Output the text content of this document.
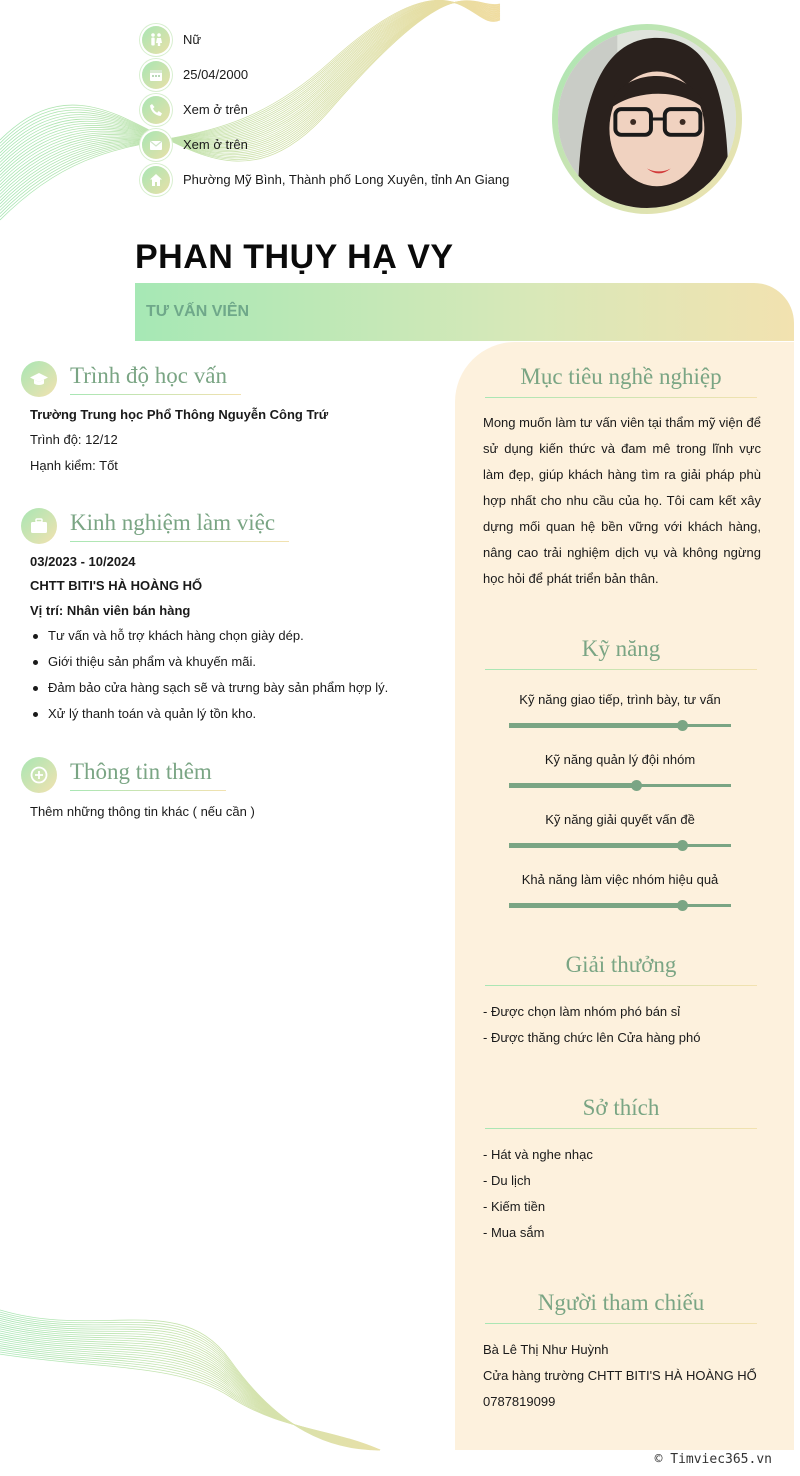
Nữ
25/04/2000
Xem ở trên
Xem ở trên
Phường Mỹ Bình, Thành phố Long Xuyên, tỉnh An Giang
PHAN THỤY HẠ VY
TƯ VẤN VIÊN
Trình độ học vấn
Trường Trung học Phổ Thông Nguyễn Công Trứ
Trình độ: 12/12
Hạnh kiểm: Tốt
Kinh nghiệm làm việc
03/2023 - 10/2024
CHTT BITI'S HÀ HOÀNG HỔ
Vị trí: Nhân viên bán hàng
Tư vấn và hỗ trợ khách hàng chọn giày dép.
Giới thiệu sản phẩm và khuyến mãi.
Đảm bảo cửa hàng sạch sẽ và trưng bày sản phẩm hợp lý.
Xử lý thanh toán và quản lý tồn kho.
Thông tin thêm
Thêm những thông tin khác ( nếu cần )
Mục tiêu nghề nghiệp
Mong muốn làm tư vấn viên tại thẩm mỹ viện để sử dụng kiến thức và đam mê trong lĩnh vực làm đẹp, giúp khách hàng tìm ra giải pháp phù hợp nhất cho nhu cầu của họ. Tôi cam kết xây dựng mối quan hệ bền vững với khách hàng, nâng cao trải nghiệm dịch vụ và không ngừng học hỏi để phát triển bản thân.
Kỹ năng
Kỹ năng giao tiếp, trình bày, tư vấn
Kỹ năng quản lý đội nhóm
Kỹ năng giải quyết vấn đề
Khả năng làm việc nhóm hiệu quả
Giải thưởng
- Được chọn làm nhóm phó bán sỉ
- Được thăng chức lên Cửa hàng phó
Sở thích
- Hát và nghe nhạc
- Du lịch
- Kiếm tiền
- Mua sắm
Người tham chiếu
Bà Lê Thị Như Huỳnh
Cửa hàng trường CHTT BITI'S HÀ HOÀNG HỔ
0787819099
© Timviec365.vn
